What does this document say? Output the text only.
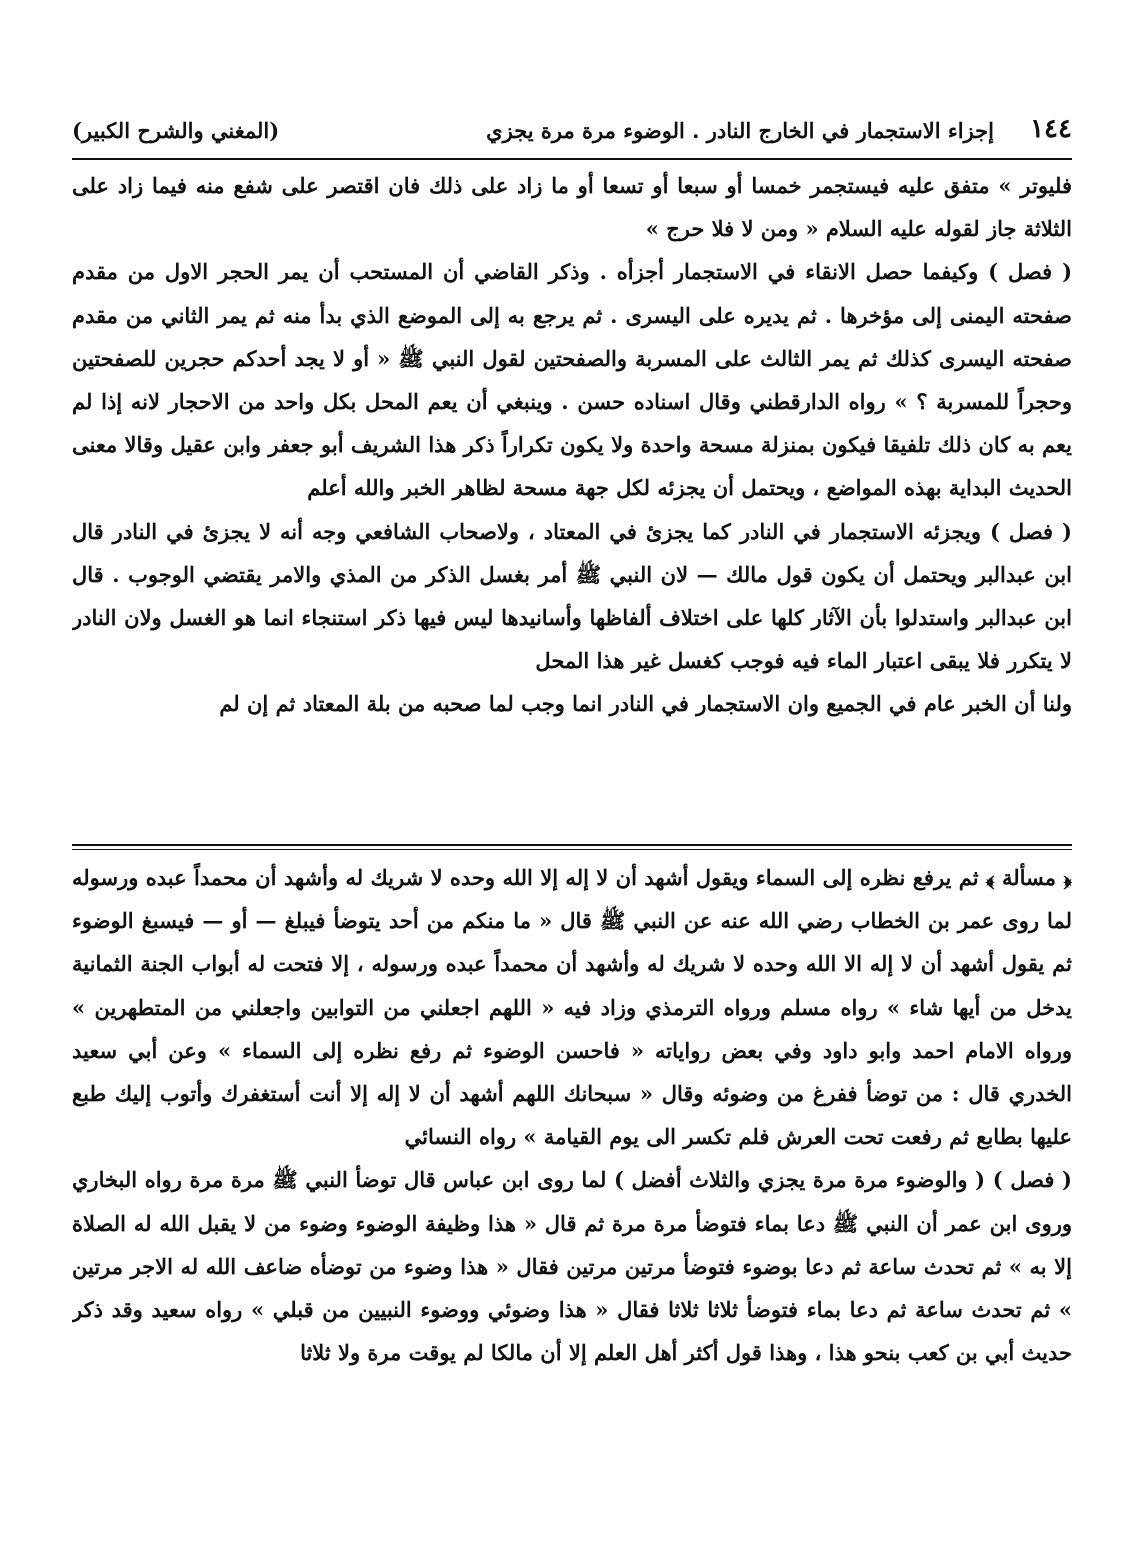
١٤٤
إجزاء الاستجمار في الخارج النادر . الوضوء مرة مرة يجزي
(المغني والشرح الكبير)

فليوتر » متفق عليه فيستجمر خمسا أو سبعا أو تسعا أو ما زاد على ذلك فان اقتصر على شفع منه فيما زاد على الثلاثة جاز لقوله عليه السلام « ومن لا فلا حرج »

( فصل ) وكيفما حصل الانقاء في الاستجمار أجزأه . وذكر القاضي أن المستحب أن يمر الحجر الاول من مقدم صفحته اليمنى إلى مؤخرها . ثم يديره على اليسرى . ثم يرجع به إلى الموضع الذي بدأ منه ثم يمر الثاني من مقدم صفحته اليسرى كذلك ثم يمر الثالث على المسربة والصفحتين لقول النبي ﷺ « أو لا يجد أحدكم حجرين للصفحتين وحجراً للمسربة ؟ » رواه الدارقطني وقال اسناده حسن . وينبغي أن يعم المحل بكل واحد من الاحجار لانه إذا لم يعم به كان ذلك تلفيقا فيكون بمنزلة مسحة واحدة ولا يكون تكراراً ذكر هذا الشريف أبو جعفر وابن عقيل وقالا معنى الحديث البداية بهذه المواضع ، ويحتمل أن يجزئه لكل جهة مسحة لظاهر الخبر والله أعلم

( فصل ) ويجزئه الاستجمار في النادر كما يجزئ في المعتاد ، ولاصحاب الشافعي وجه أنه لا يجزئ في النادر قال ابن عبدالبر ويحتمل أن يكون قول مالك — لان النبي ﷺ أمر بغسل الذكر من المذي والامر يقتضي الوجوب . قال ابن عبدالبر واستدلوا بأن الآثار كلها على اختلاف ألفاظها وأسانيدها ليس فيها ذكر استنجاء انما هو الغسل ولان النادر لا يتكرر فلا يبقى اعتبار الماء فيه فوجب كغسل غير هذا المحل

ولنا أن الخبر عام في الجميع وان الاستجمار في النادر انما وجب لما صحبه من بلة المعتاد ثم إن لم

﴿ مسألة ﴾ ثم يرفع نظره إلى السماء ويقول أشهد أن لا إله إلا الله وحده لا شريك له وأشهد أن محمداً عبده ورسوله لما روى عمر بن الخطاب رضي الله عنه عن النبي ﷺ قال « ما منكم من أحد يتوضأ فيبلغ — أو — فيسبغ الوضوء ثم يقول أشهد أن لا إله الا الله وحده لا شريك له وأشهد أن محمداً عبده ورسوله ، إلا فتحت له أبواب الجنة الثمانية يدخل من أيها شاء » رواه مسلم ورواه الترمذي وزاد فيه « اللهم اجعلني من التوابين واجعلني من المتطهرين » ورواه الامام احمد وابو داود وفي بعض رواياته « فاحسن الوضوء ثم رفع نظره إلى السماء » وعن أبي سعيد الخدري قال : من توضأ ففرغ من وضوئه وقال « سبحانك اللهم أشهد أن لا إله إلا أنت أستغفرك وأتوب إليك طبع عليها بطابع ثم رفعت تحت العرش فلم تكسر الى يوم القيامة » رواه النسائي

( فصل ) ( والوضوء مرة مرة يجزي والثلاث أفضل ) لما روى ابن عباس قال توضأ النبي ﷺ مرة مرة رواه البخاري وروى ابن عمر أن النبي ﷺ دعا بماء فتوضأ مرة مرة ثم قال « هذا وظيفة الوضوء وضوء من لا يقبل الله له الصلاة إلا به » ثم تحدث ساعة ثم دعا بوضوء فتوضأ مرتين مرتين فقال « هذا وضوء من توضأه ضاعف الله له الاجر مرتين » ثم تحدث ساعة ثم دعا بماء فتوضأ ثلاثا ثلاثا فقال « هذا وضوئي ووضوء النبيين من قبلي » رواه سعيد وقد ذكر حديث أبي بن كعب بنحو هذا ، وهذا قول أكثر أهل العلم إلا أن مالكا لم يوقت مرة ولا ثلاثا
